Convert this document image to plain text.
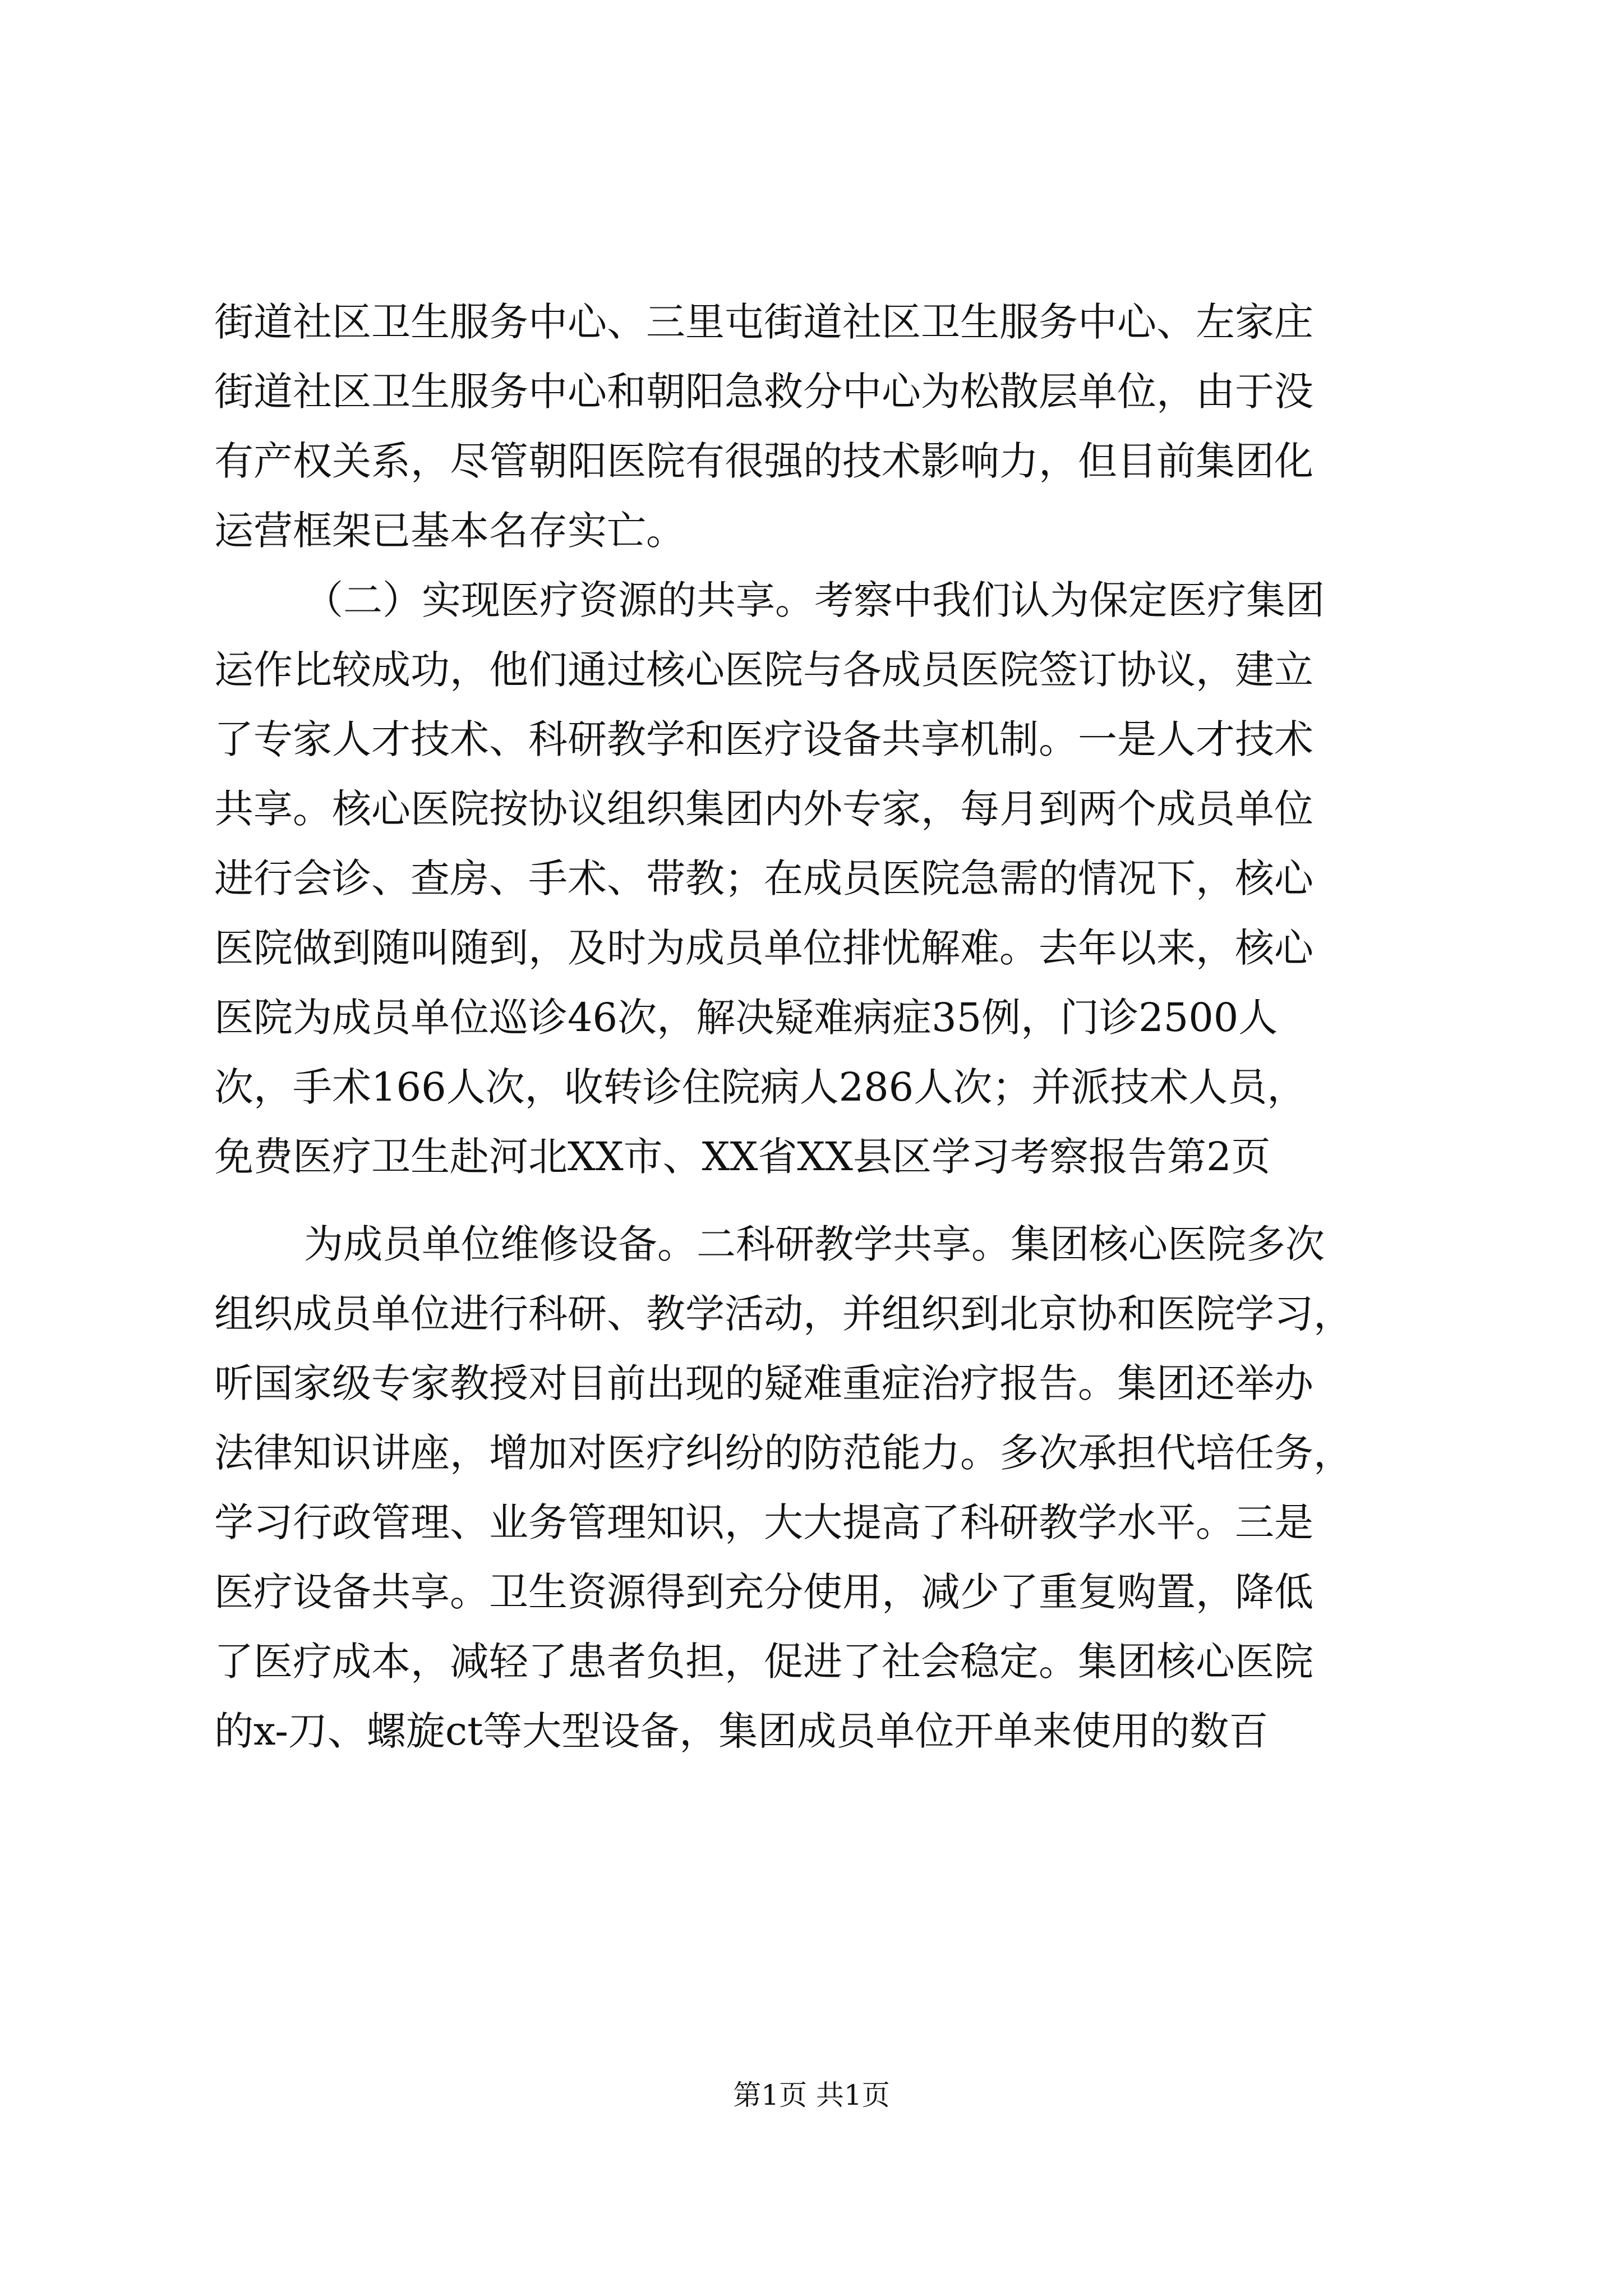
街道社区卫生服务中心、三里屯街道社区卫生服务中心、左家庄
街道社区卫生服务中心和朝阳急救分中心为松散层单位，由于没
有产权关系，尽管朝阳医院有很强的技术影响力，但目前集团化
运营框架已基本名存实亡。
（二）实现医疗资源的共享。考察中我们认为保定医疗集团
运作比较成功，他们通过核心医院与各成员医院签订协议，建立
了专家人才技术、科研教学和医疗设备共享机制。一是人才技术
共享。核心医院按协议组织集团内外专家，每月到两个成员单位
进行会诊、查房、手术、带教；在成员医院急需的情况下，核心
医院做到随叫随到，及时为成员单位排忧解难。去年以来，核心
医院为成员单位巡诊46次，解决疑难病症35例，门诊2500人
次，手术166人次，收转诊住院病人286人次；并派技术人员，
免费医疗卫生赴河北XX市、XX省XX县区学习考察报告第2页
为成员单位维修设备。二科研教学共享。集团核心医院多次
组织成员单位进行科研、教学活动，并组织到北京协和医院学习，
听国家级专家教授对目前出现的疑难重症治疗报告。集团还举办
法律知识讲座，增加对医疗纠纷的防范能力。多次承担代培任务，
学习行政管理、业务管理知识，大大提高了科研教学水平。三是
医疗设备共享。卫生资源得到充分使用，减少了重复购置，降低
了医疗成本，减轻了患者负担，促进了社会稳定。集团核心医院
的x-刀、螺旋ct等大型设备，集团成员单位开单来使用的数百
第1页 共1页
